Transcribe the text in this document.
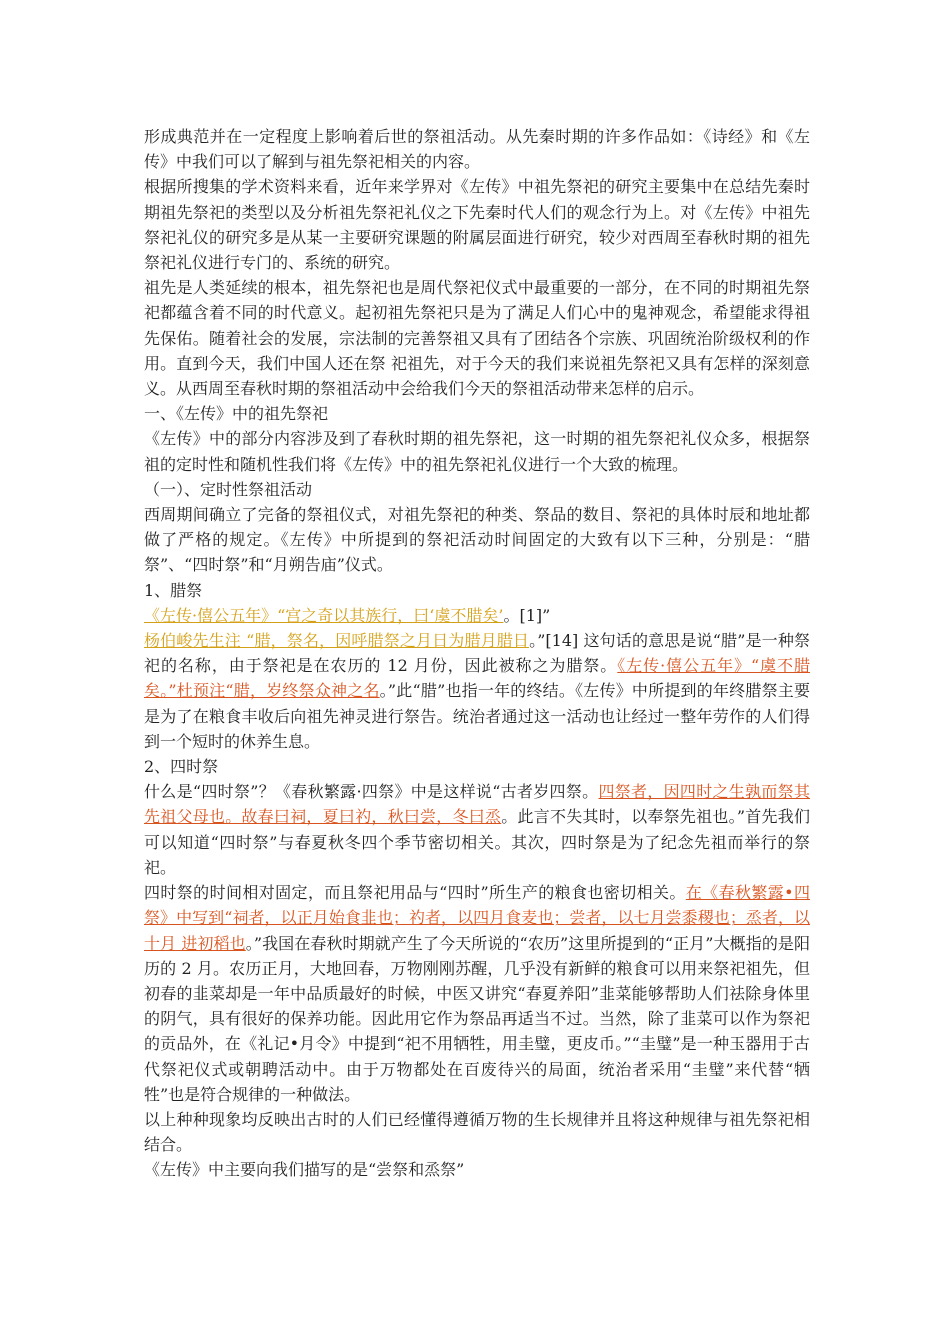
形成典范并在一定程度上影响着后世的祭祖活动。从先秦时期的许多作品如：《诗经》和《左传》中我们可以了解到与祖先祭祀相关的内容。

根据所搜集的学术资料来看，近年来学界对《左传》中祖先祭祀的研究主要集中在总结先秦时期祖先祭祀的类型以及分析祖先祭祀礼仪之下先秦时代人们的观念行为上。对《左传》中祖先祭祀礼仪的研究多是从某一主要研究课题的附属层面进行研究，较少对西周至春秋时期的祖先祭祀礼仪进行专门的、系统的研究。

祖先是人类延续的根本，祖先祭祀也是周代祭祀仪式中最重要的一部分，在不同的时期祖先祭祀都蕴含着不同的时代意义。起初祖先祭祀只是为了满足人们心中的鬼神观念，希望能求得祖先保佑。随着社会的发展，宗法制的完善祭祖又具有了团结各个宗族、巩固统治阶级权利的作用。直到今天，我们中国人还在祭 祀祖先，对于今天的我们来说祖先祭祀又具有怎样的深刻意义。从西周至春秋时期的祭祖活动中会给我们今天的祭祖活动带来怎样的启示。

一、《左传》中的祖先祭祀

《左传》中的部分内容涉及到了春秋时期的祖先祭祀，这一时期的祖先祭祀礼仪众多，根据祭祖的定时性和随机性我们将《左传》中的祖先祭祀礼仪进行一个大致的梳理。

（一）、定时性祭祖活动

西周期间确立了完备的祭祖仪式，对祖先祭祀的种类、祭品的数目、祭祀的具体时辰和地址都做了严格的规定。《左传》中所提到的祭祀活动时间固定的大致有以下三种，分别是：“腊祭”、“四时祭”和“月朔告庙”仪式。

1、腊祭

《左传·僖公五年》“宫之奇以其族行，曰‘虞不腊矣’。[1]”

杨伯峻先生注 “腊，祭名，因呼腊祭之月日为腊月腊日。”[14] 这句话的意思是说“腊”是一种祭祀的名称，由于祭祀是在农历的 12 月份，因此被称之为腊祭。《左传·僖公五年》“虞不腊矣。”杜预注“腊，岁终祭众神之名。”此“腊”也指一年的终结。《左传》中所提到的年终腊祭主要是为了在粮食丰收后向祖先神灵进行祭告。统治者通过这一活动也让经过一整年劳作的人们得到一个短时的休养生息。

2、四时祭

什么是“四时祭”？《春秋繁露·四祭》中是这样说“古者岁四祭。四祭者，因四时之生孰而祭其先祖父母也。故春曰祠，夏曰礿，秋曰尝，冬曰烝。此言不失其时，以奉祭先祖也。”首先我们可以知道“四时祭”与春夏秋冬四个季节密切相关。其次，四时祭是为了纪念先祖而举行的祭祀。

四时祭的时间相对固定，而且祭祀用品与“四时”所生产的粮食也密切相关。在《春秋繁露•四祭》中写到“祠者，以正月始食韭也；礿者，以四月食麦也；尝者，以七月尝黍稷也；烝者，以十月 进初稻也。”我国在春秋时期就产生了今天所说的“农历”这里所提到的“正月”大概指的是阳历的 2 月。农历正月，大地回春，万物刚刚苏醒，几乎没有新鲜的粮食可以用来祭祀祖先，但初春的韭菜却是一年中品质最好的时候，中医又讲究“春夏养阳”韭菜能够帮助人们祛除身体里的阴气，具有很好的保养功能。因此用它作为祭品再适当不过。当然，除了韭菜可以作为祭祀的贡品外，在《礼记•月令》中提到“祀不用牺牲，用圭璧，更皮币。”“圭璧”是一种玉器用于古代祭祀仪式或朝聘活动中。由于万物都处在百废待兴的局面，统治者采用“圭璧”来代替“牺牲”也是符合规律的一种做法。

以上种种现象均反映出古时的人们已经懂得遵循万物的生长规律并且将这种规律与祖先祭祀相结合。

《左传》中主要向我们描写的是“尝祭和烝祭”
